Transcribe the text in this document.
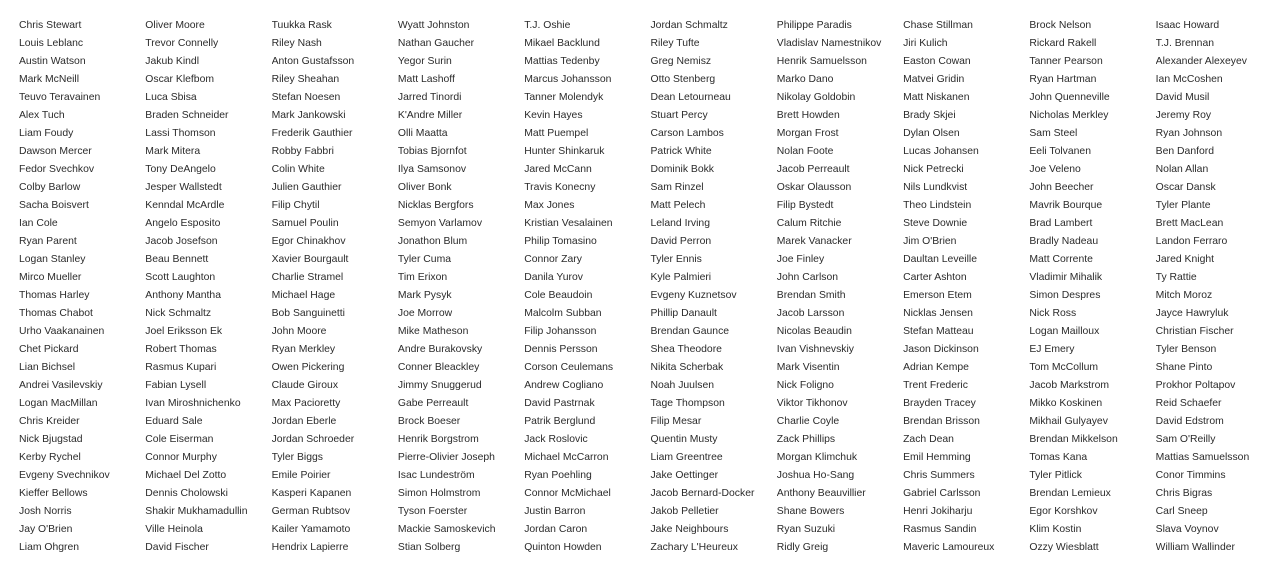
Chris Stewart
Louis Leblanc
Austin Watson
Mark McNeill
Teuvo Teravainen
Alex Tuch
Liam Foudy
Dawson Mercer
Fedor Svechkov
Colby Barlow
Sacha Boisvert
Ian Cole
Ryan Parent
Logan Stanley
Mirco Mueller
Thomas Harley
Thomas Chabot
Urho Vaakanainen
Chet Pickard
Lian Bichsel
Andrei Vasilevskiy
Logan MacMillan
Chris Kreider
Nick Bjugstad
Kerby Rychel
Evgeny Svechnikov
Kieffer Bellows
Josh Norris
Jay O'Brien
Liam Ohgren
Oliver Moore
Trevor Connelly
Jakub Kindl
Oscar Klefbom
Luca Sbisa
Braden Schneider
Lassi Thomson
Mark Mitera
Tony DeAngelo
Jesper Wallstedt
Kenndal McArdle
Angelo Esposito
Jacob Josefson
Beau Bennett
Scott Laughton
Anthony Mantha
Nick Schmaltz
Joel Eriksson Ek
Robert Thomas
Rasmus Kupari
Fabian Lysell
Ivan Miroshnichenko
Eduard Sale
Cole Eiserman
Connor Murphy
Michael Del Zotto
Dennis Cholowski
Shakir Mukhamadullin
Ville Heinola
David Fischer
Tuukka Rask
Riley Nash
Anton Gustafsson
Riley Sheahan
Stefan Noesen
Mark Jankowski
Frederik Gauthier
Robby Fabbri
Colin White
Julien Gauthier
Filip Chytil
Samuel Poulin
Egor Chinakhov
Xavier Bourgault
Charlie Stramel
Michael Hage
Bob Sanguinetti
John Moore
Ryan Merkley
Owen Pickering
Claude Giroux
Max Pacioretty
Jordan Eberle
Jordan Schroeder
Tyler Biggs
Emile Poirier
Kasperi Kapanen
German Rubtsov
Kailer Yamamoto
Hendrix Lapierre
Wyatt Johnston
Nathan Gaucher
Yegor Surin
Matt Lashoff
Jarred Tinordi
K'Andre Miller
Olli Maatta
Tobias Bjornfot
Ilya Samsonov
Oliver Bonk
Nicklas Bergfors
Semyon Varlamov
Jonathon Blum
Tyler Cuma
Tim Erixon
Mark Pysyk
Joe Morrow
Mike Matheson
Andre Burakovsky
Conner Bleackley
Jimmy Snuggerud
Gabe Perreault
Brock Boeser
Henrik Borgstrom
Pierre-Olivier Joseph
Isac Lundeström
Simon Holmstrom
Tyson Foerster
Mackie Samoskevich
Stian Solberg
T.J. Oshie
Mikael Backlund
Mattias Tedenby
Marcus Johansson
Tanner Molendyk
Kevin Hayes
Matt Puempel
Hunter Shinkaruk
Jared McCann
Travis Konecny
Max Jones
Kristian Vesalainen
Philip Tomasino
Connor Zary
Danila Yurov
Cole Beaudoin
Malcolm Subban
Filip Johansson
Dennis Persson
Corson Ceulemans
Andrew Cogliano
David Pastrnak
Patrik Berglund
Jack Roslovic
Michael McCarron
Ryan Poehling
Connor McMichael
Justin Barron
Jordan Caron
Quinton Howden
Jordan Schmaltz
Riley Tufte
Greg Nemisz
Otto Stenberg
Dean Letourneau
Stuart Percy
Carson Lambos
Patrick White
Dominik Bokk
Sam Rinzel
Matt Pelech
Leland Irving
David Perron
Tyler Ennis
Kyle Palmieri
Evgeny Kuznetsov
Phillip Danault
Brendan Gaunce
Shea Theodore
Nikita Scherbak
Noah Juulsen
Tage Thompson
Filip Mesar
Quentin Musty
Liam Greentree
Jake Oettinger
Jacob Bernard-Docker
Jakob Pelletier
Jake Neighbours
Zachary L'Heureux
Philippe Paradis
Vladislav Namestnikov
Henrik Samuelsson
Marko Dano
Nikolay Goldobin
Brett Howden
Morgan Frost
Nolan Foote
Jacob Perreault
Oskar Olausson
Filip Bystedt
Calum Ritchie
Marek Vanacker
Joe Finley
John Carlson
Brendan Smith
Jacob Larsson
Nicolas Beaudin
Ivan Vishnevskiy
Mark Visentin
Nick Foligno
Viktor Tikhonov
Charlie Coyle
Zack Phillips
Morgan Klimchuk
Joshua Ho-Sang
Anthony Beauvillier
Shane Bowers
Ryan Suzuki
Ridly Greig
Chase Stillman
Jiri Kulich
Easton Cowan
Matvei Gridin
Matt Niskanen
Brady Skjei
Dylan Olsen
Lucas Johansen
Nick Petrecki
Nils Lundkvist
Theo Lindstein
Steve Downie
Jim O'Brien
Daultan Leveille
Carter Ashton
Emerson Etem
Nicklas Jensen
Stefan Matteau
Jason Dickinson
Adrian Kempe
Trent Frederic
Brayden Tracey
Brendan Brisson
Zach Dean
Emil Hemming
Chris Summers
Gabriel Carlsson
Henri Jokiharju
Rasmus Sandin
Maveric Lamoureux
Brock Nelson
Rickard Rakell
Tanner Pearson
Ryan Hartman
John Quenneville
Nicholas Merkley
Sam Steel
Eeli Tolvanen
Joe Veleno
John Beecher
Mavrik Bourque
Brad Lambert
Bradly Nadeau
Matt Corrente
Vladimir Mihalik
Simon Despres
Nick Ross
Logan Mailloux
EJ Emery
Tom McCollum
Jacob Markstrom
Mikko Koskinen
Mikhail Gulyayev
Brendan Mikkelson
Tomas Kana
Tyler Pitlick
Brendan Lemieux
Egor Korshkov
Klim Kostin
Ozzy Wiesblatt
Isaac Howard
T.J. Brennan
Alexander Alexeyev
Ian McCoshen
David Musil
Jeremy Roy
Ryan Johnson
Ben Danford
Nolan Allan
Oscar Dansk
Tyler Plante
Brett MacLean
Landon Ferraro
Jared Knight
Ty Rattie
Mitch Moroz
Jayce Hawryluk
Christian Fischer
Tyler Benson
Shane Pinto
Prokhor Poltapov
Reid Schaefer
David Edstrom
Sam O'Reilly
Mattias Samuelsson
Conor Timmins
Chris Bigras
Carl Sneep
Slava Voynov
William Wallinder
